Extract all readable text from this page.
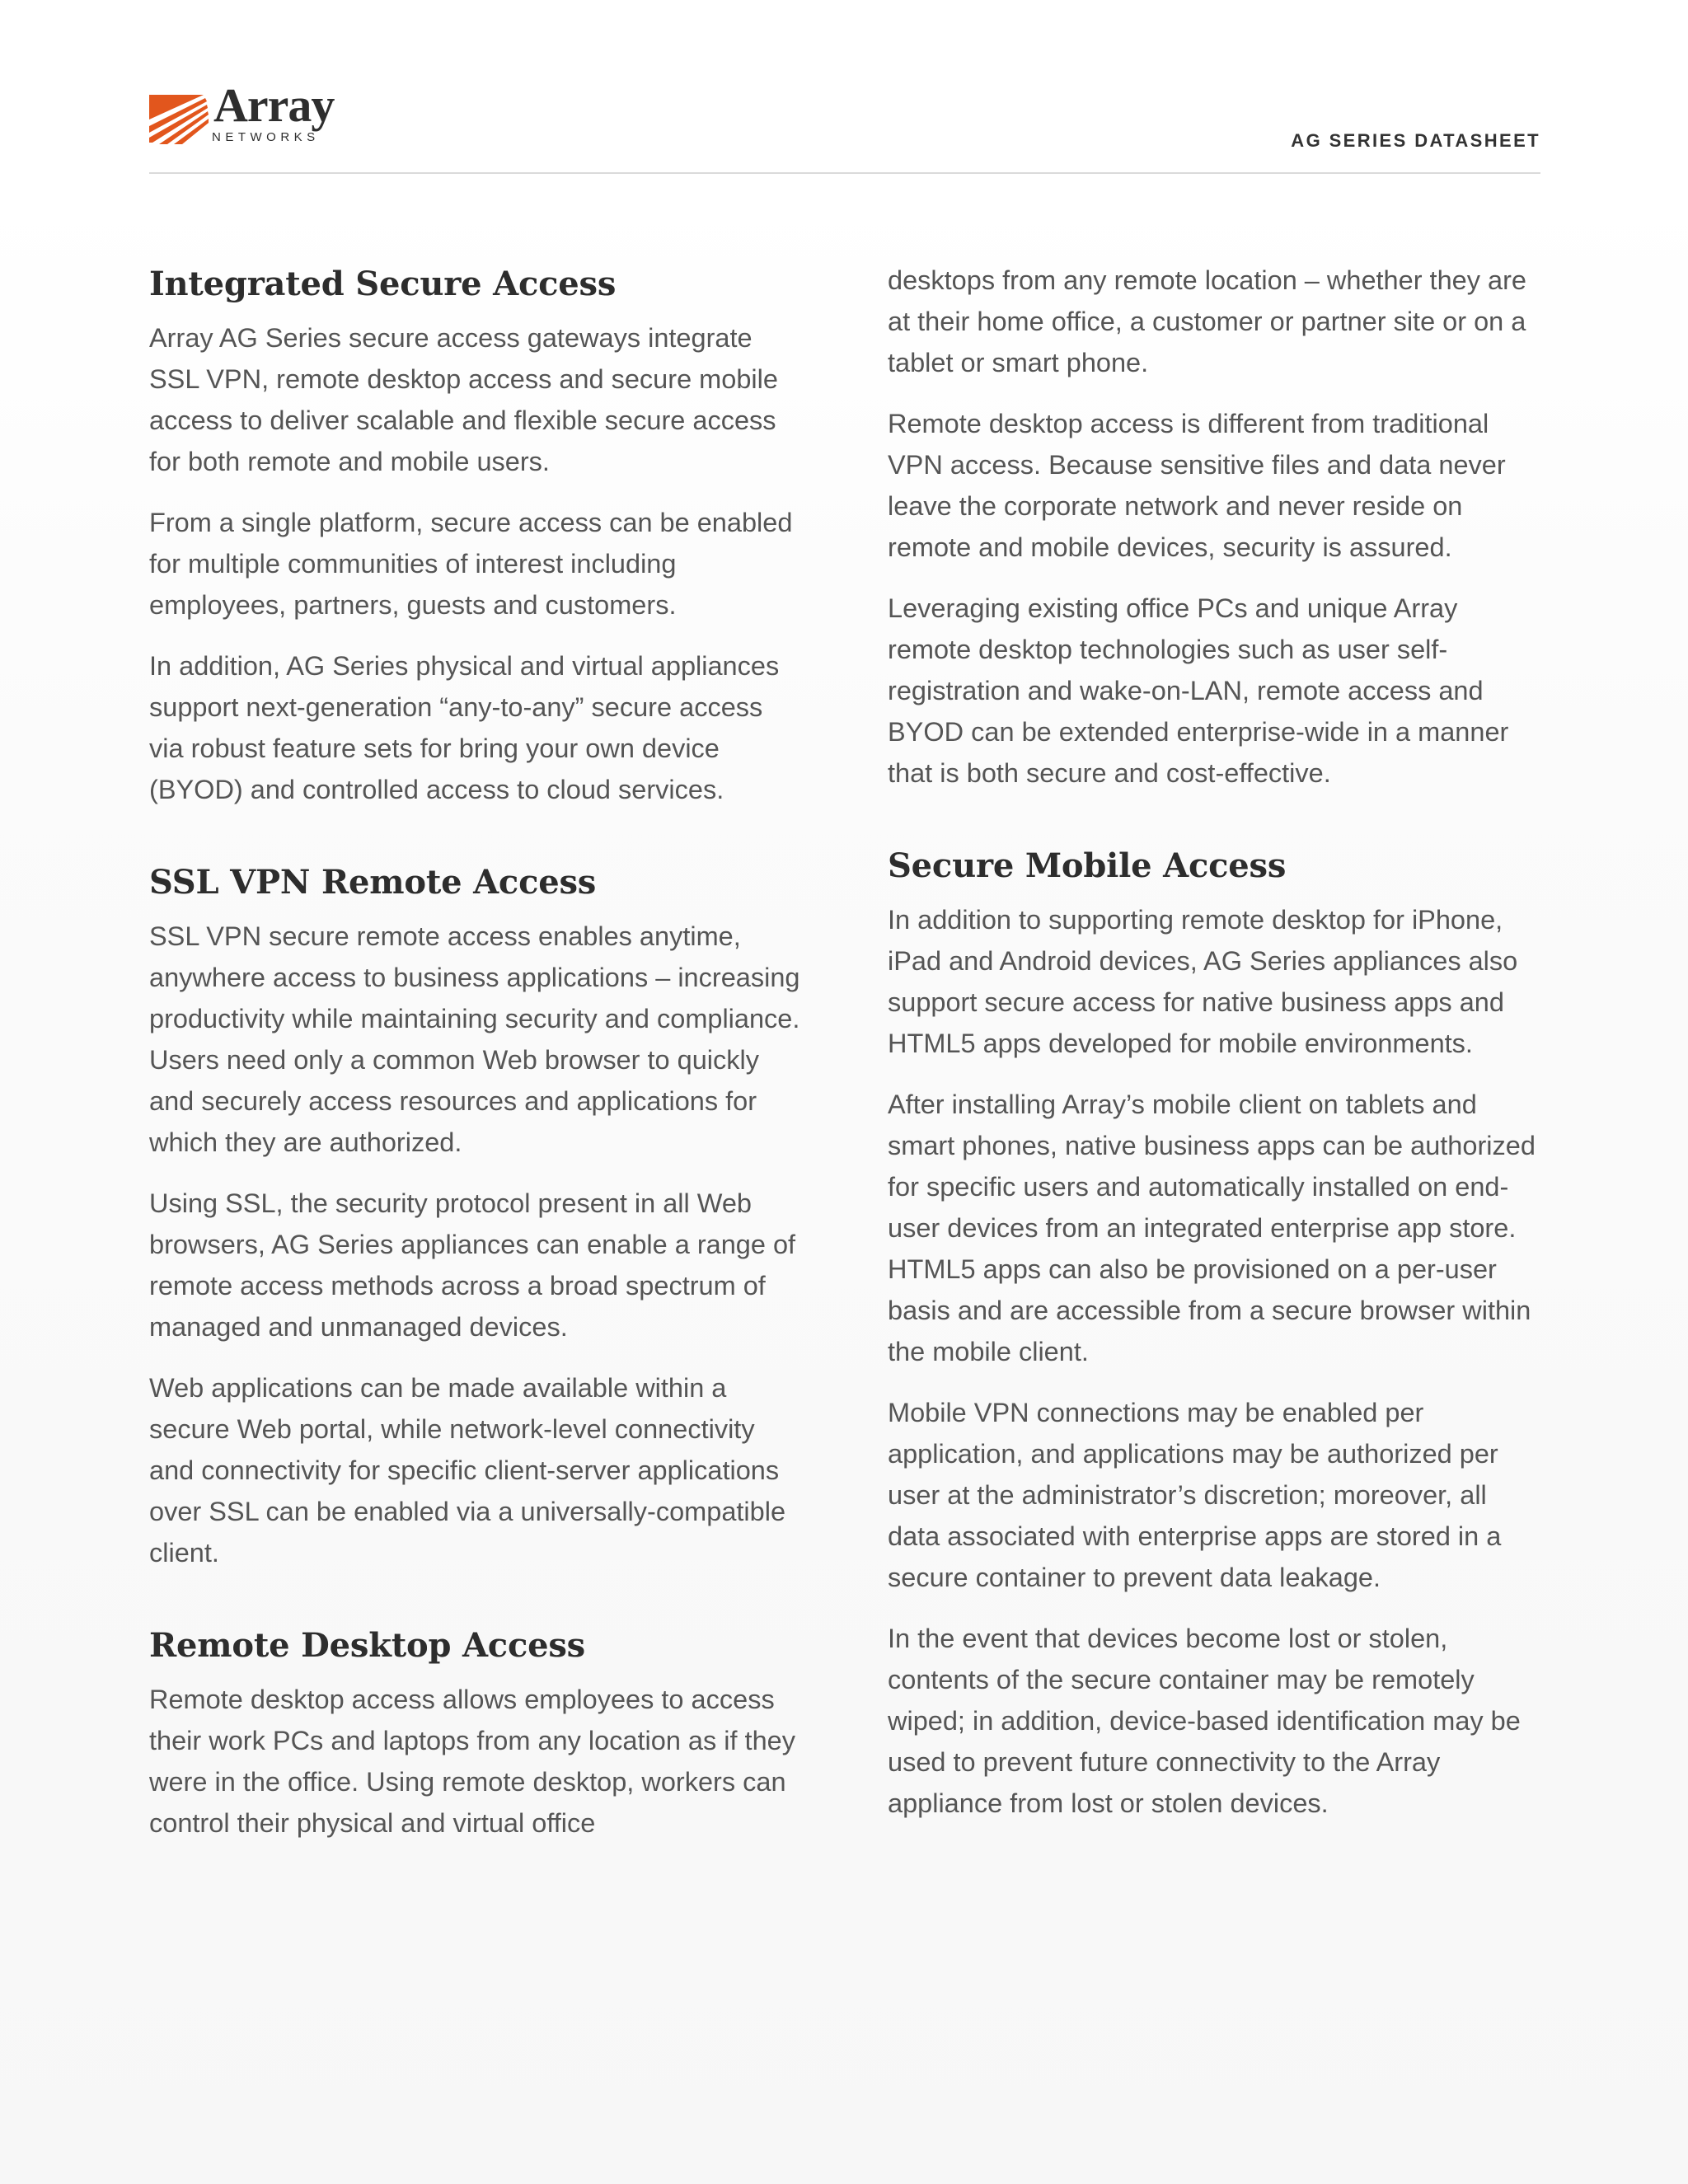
Array
NETWORKS	AG SERIES DATASHEET
Integrated Secure Access

Array AG Series secure access gateways integrate SSL VPN, remote desktop access and secure mobile access to deliver scalable and flexible secure access for both remote and mobile users.

From a single platform, secure access can be enabled for multiple communities of interest including employees, partners, guests and customers.

In addition, AG Series physical and virtual appliances support next-generation “any-to-any” secure access via robust feature sets for bring your own device (BYOD) and controlled access to cloud services.

SSL VPN Remote Access

SSL VPN secure remote access enables anytime, anywhere access to business applications – increasing productivity while maintaining security and compliance. Users need only a common Web browser to quickly and securely access resources and applications for which they are authorized.

Using SSL, the security protocol present in all Web browsers, AG Series appliances can enable a range of remote access methods across a broad spectrum of managed and unmanaged devices.

Web applications can be made available within a secure Web portal, while network-level connectivity and connectivity for specific client-server applications over SSL can be enabled via a universally-compatible client.

Remote Desktop Access

Remote desktop access allows employees to access their work PCs and laptops from any location as if they were in the office. Using remote desktop, workers can control their physical and virtual office

desktops from any remote location – whether they are at their home office, a customer or partner site or on a tablet or smart phone.

Remote desktop access is different from traditional VPN access. Because sensitive files and data never leave the corporate network and never reside on remote and mobile devices, security is assured.

Leveraging existing office PCs and unique Array remote desktop technologies such as user self-registration and wake-on-LAN, remote access and BYOD can be extended enterprise-wide in a manner that is both secure and cost-effective.

Secure Mobile Access

In addition to supporting remote desktop for iPhone, iPad and Android devices, AG Series appliances also support secure access for native business apps and HTML5 apps developed for mobile environments.

After installing Array’s mobile client on tablets and smart phones, native business apps can be authorized for specific users and automatically installed on end-user devices from an integrated enterprise app store. HTML5 apps can also be provisioned on a per-user basis and are accessible from a secure browser within the mobile client.

Mobile VPN connections may be enabled per application, and applications may be authorized per user at the administrator’s discretion; moreover, all data associated with enterprise apps are stored in a secure container to prevent data leakage.

In the event that devices become lost or stolen, contents of the secure container may be remotely wiped; in addition, device-based identification may be used to prevent future connectivity to the Array appliance from lost or stolen devices.
